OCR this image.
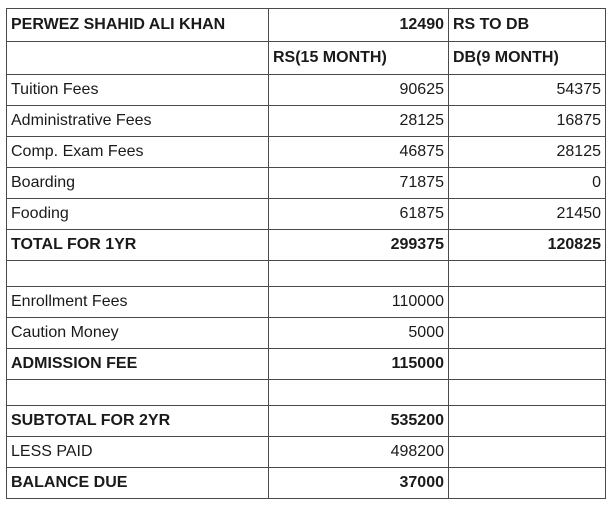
PERWEZ SHAHID ALI KHAN	12490	RS TO DB
	RS(15 MONTH)	DB(9 MONTH)
Tuition Fees	90625	54375
Administrative Fees	28125	16875
Comp. Exam Fees	46875	28125
Boarding	71875	0
Fooding	61875	21450
TOTAL FOR 1YR	299375	120825

Enrollment Fees	110000	
Caution Money	5000	
ADMISSION FEE	115000	

SUBTOTAL FOR 2YR	535200	
LESS PAID	498200	
BALANCE DUE	37000	
